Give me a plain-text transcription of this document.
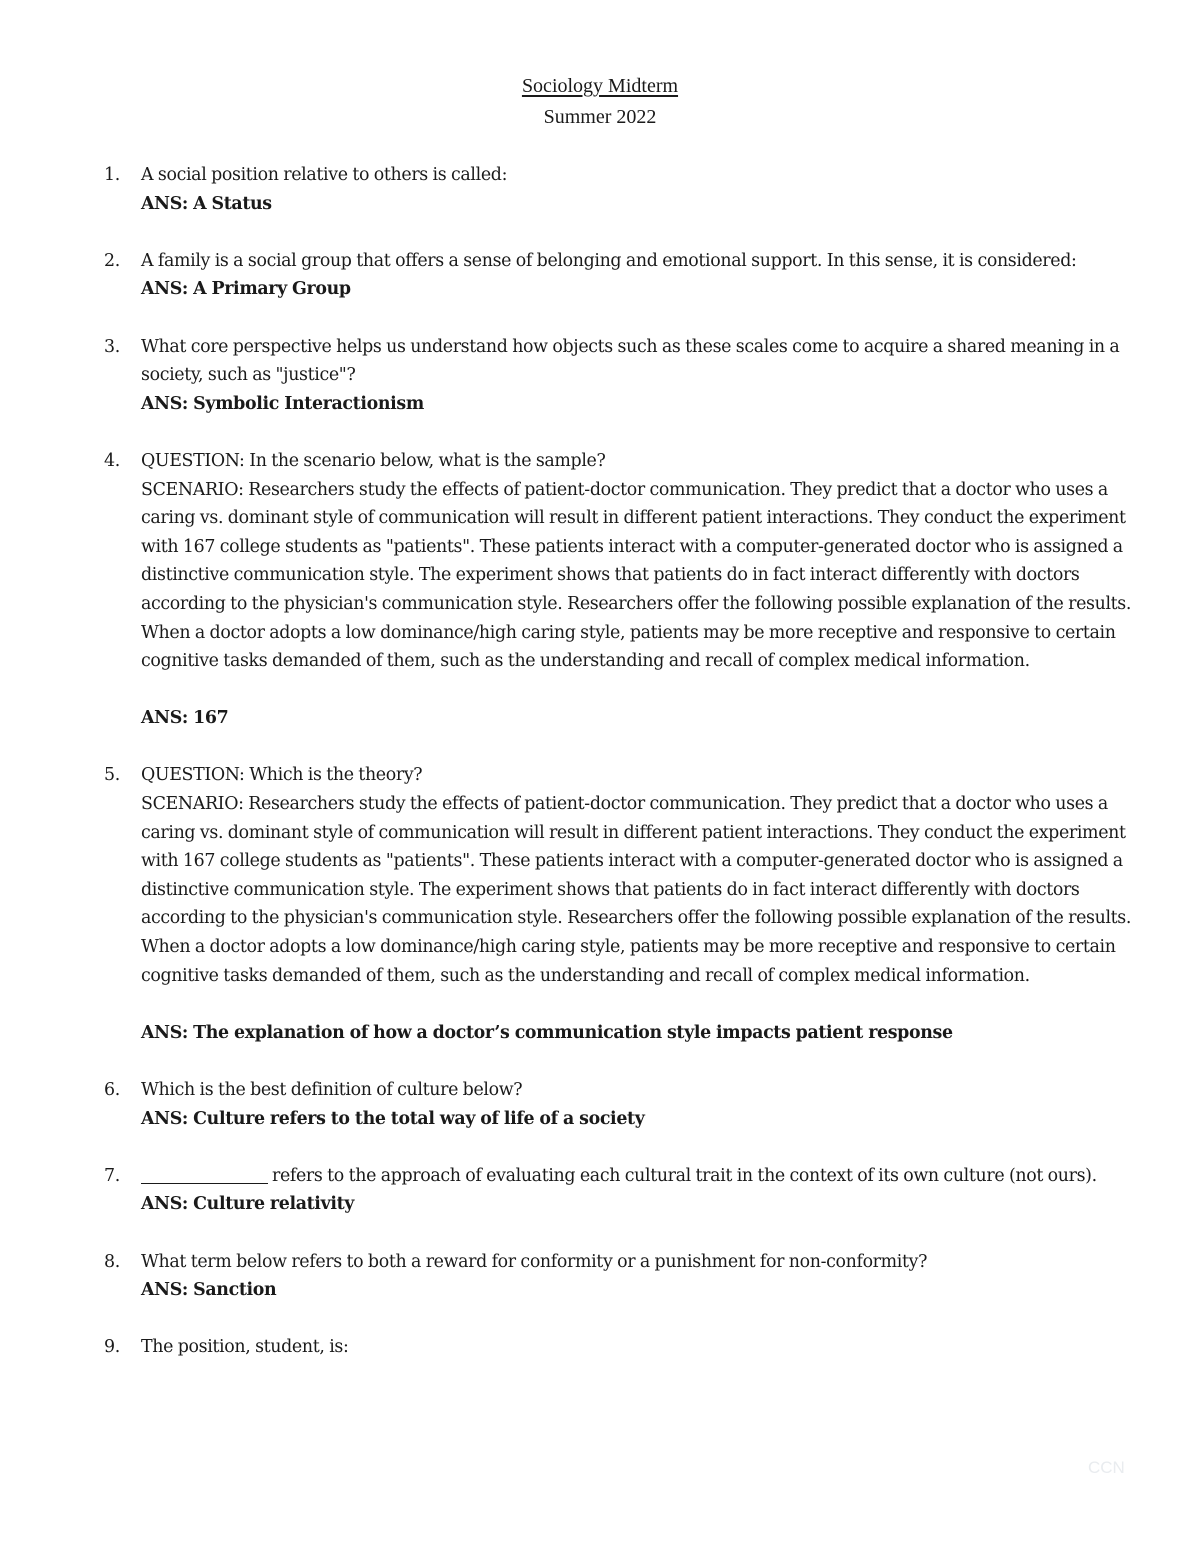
Sociology Midterm
Summer 2022
1. A social position relative to others is called:
ANS: A Status
2. A family is a social group that offers a sense of belonging and emotional support. In this sense, it is considered:
ANS: A Primary Group
3. What core perspective helps us understand how objects such as these scales come to acquire a shared meaning in a society, such as "justice"?
ANS: Symbolic Interactionism
4. QUESTION: In the scenario below, what is the sample?
SCENARIO: Researchers study the effects of patient-doctor communication. They predict that a doctor who uses a caring vs. dominant style of communication will result in different patient interactions. They conduct the experiment with 167 college students as "patients". These patients interact with a computer-generated doctor who is assigned a distinctive communication style. The experiment shows that patients do in fact interact differently with doctors according to the physician's communication style. Researchers offer the following possible explanation of the results. When a doctor adopts a low dominance/high caring style, patients may be more receptive and responsive to certain cognitive tasks demanded of them, such as the understanding and recall of complex medical information.
ANS: 167
5. QUESTION: Which is the theory?
SCENARIO: Researchers study the effects of patient-doctor communication. They predict that a doctor who uses a caring vs. dominant style of communication will result in different patient interactions. They conduct the experiment with 167 college students as "patients". These patients interact with a computer-generated doctor who is assigned a distinctive communication style. The experiment shows that patients do in fact interact differently with doctors according to the physician's communication style. Researchers offer the following possible explanation of the results. When a doctor adopts a low dominance/high caring style, patients may be more receptive and responsive to certain cognitive tasks demanded of them, such as the understanding and recall of complex medical information.
ANS: The explanation of how a doctor’s communication style impacts patient response
6. Which is the best definition of culture below?
ANS: Culture refers to the total way of life of a society
7.	refers to the approach of evaluating each cultural trait in the context of its own culture (not ours).
ANS: Culture relativity
8. What term below refers to both a reward for conformity or a punishment for non-conformity?
ANS: Sanction
9. The position, student, is:
CCN
